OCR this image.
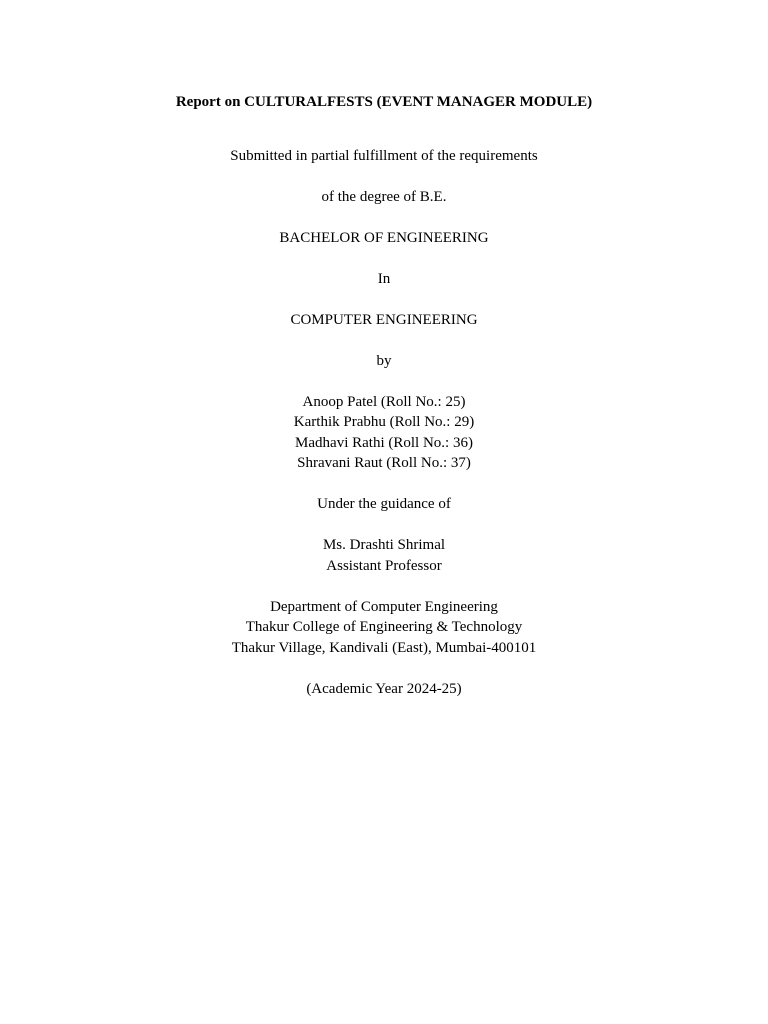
Report on CULTURALFESTS (EVENT MANAGER MODULE)
Submitted in partial fulfillment of the requirements
of the degree of B.E.
BACHELOR OF ENGINEERING
In
COMPUTER ENGINEERING
by
Anoop Patel (Roll No.: 25)
Karthik Prabhu (Roll No.: 29)
Madhavi Rathi (Roll No.: 36)
Shravani Raut (Roll No.: 37)
Under the guidance of
Ms. Drashti Shrimal
Assistant Professor
Department of Computer Engineering
Thakur College of Engineering & Technology
Thakur Village, Kandivali (East), Mumbai-400101
(Academic Year 2024-25)
